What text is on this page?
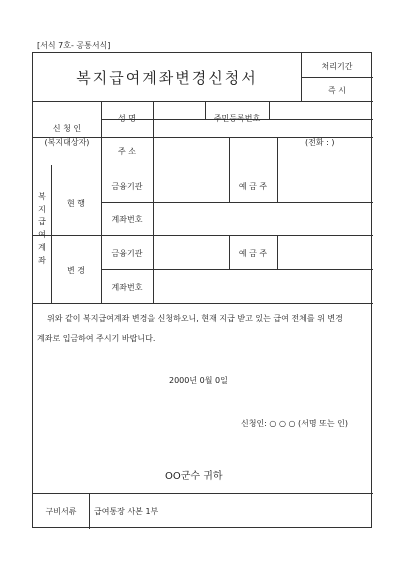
[서식 7호- 공통서식]
복지급여계좌변경신청서
처리기간
즉 시
신 청 인
(복지대상자)
성 명	주민등록번호
주 소
(전화 : )
복
지
급
여
계
좌
현 행
금융기관	예 금 주
계좌번호
변 경
금융기관	예 금 주
계좌번호
위와 같이 복지급여계좌 변경을 신청하오니, 현재 지급 받고 있는 급여 전체를 위 변경
계좌로 입금하여 주시기 바랍니다.
2000년 0월 0일
신청인: ○ ○ ○ (서명 또는 인)
OO군수 귀하
구비서류	급여통장 사본 1부
